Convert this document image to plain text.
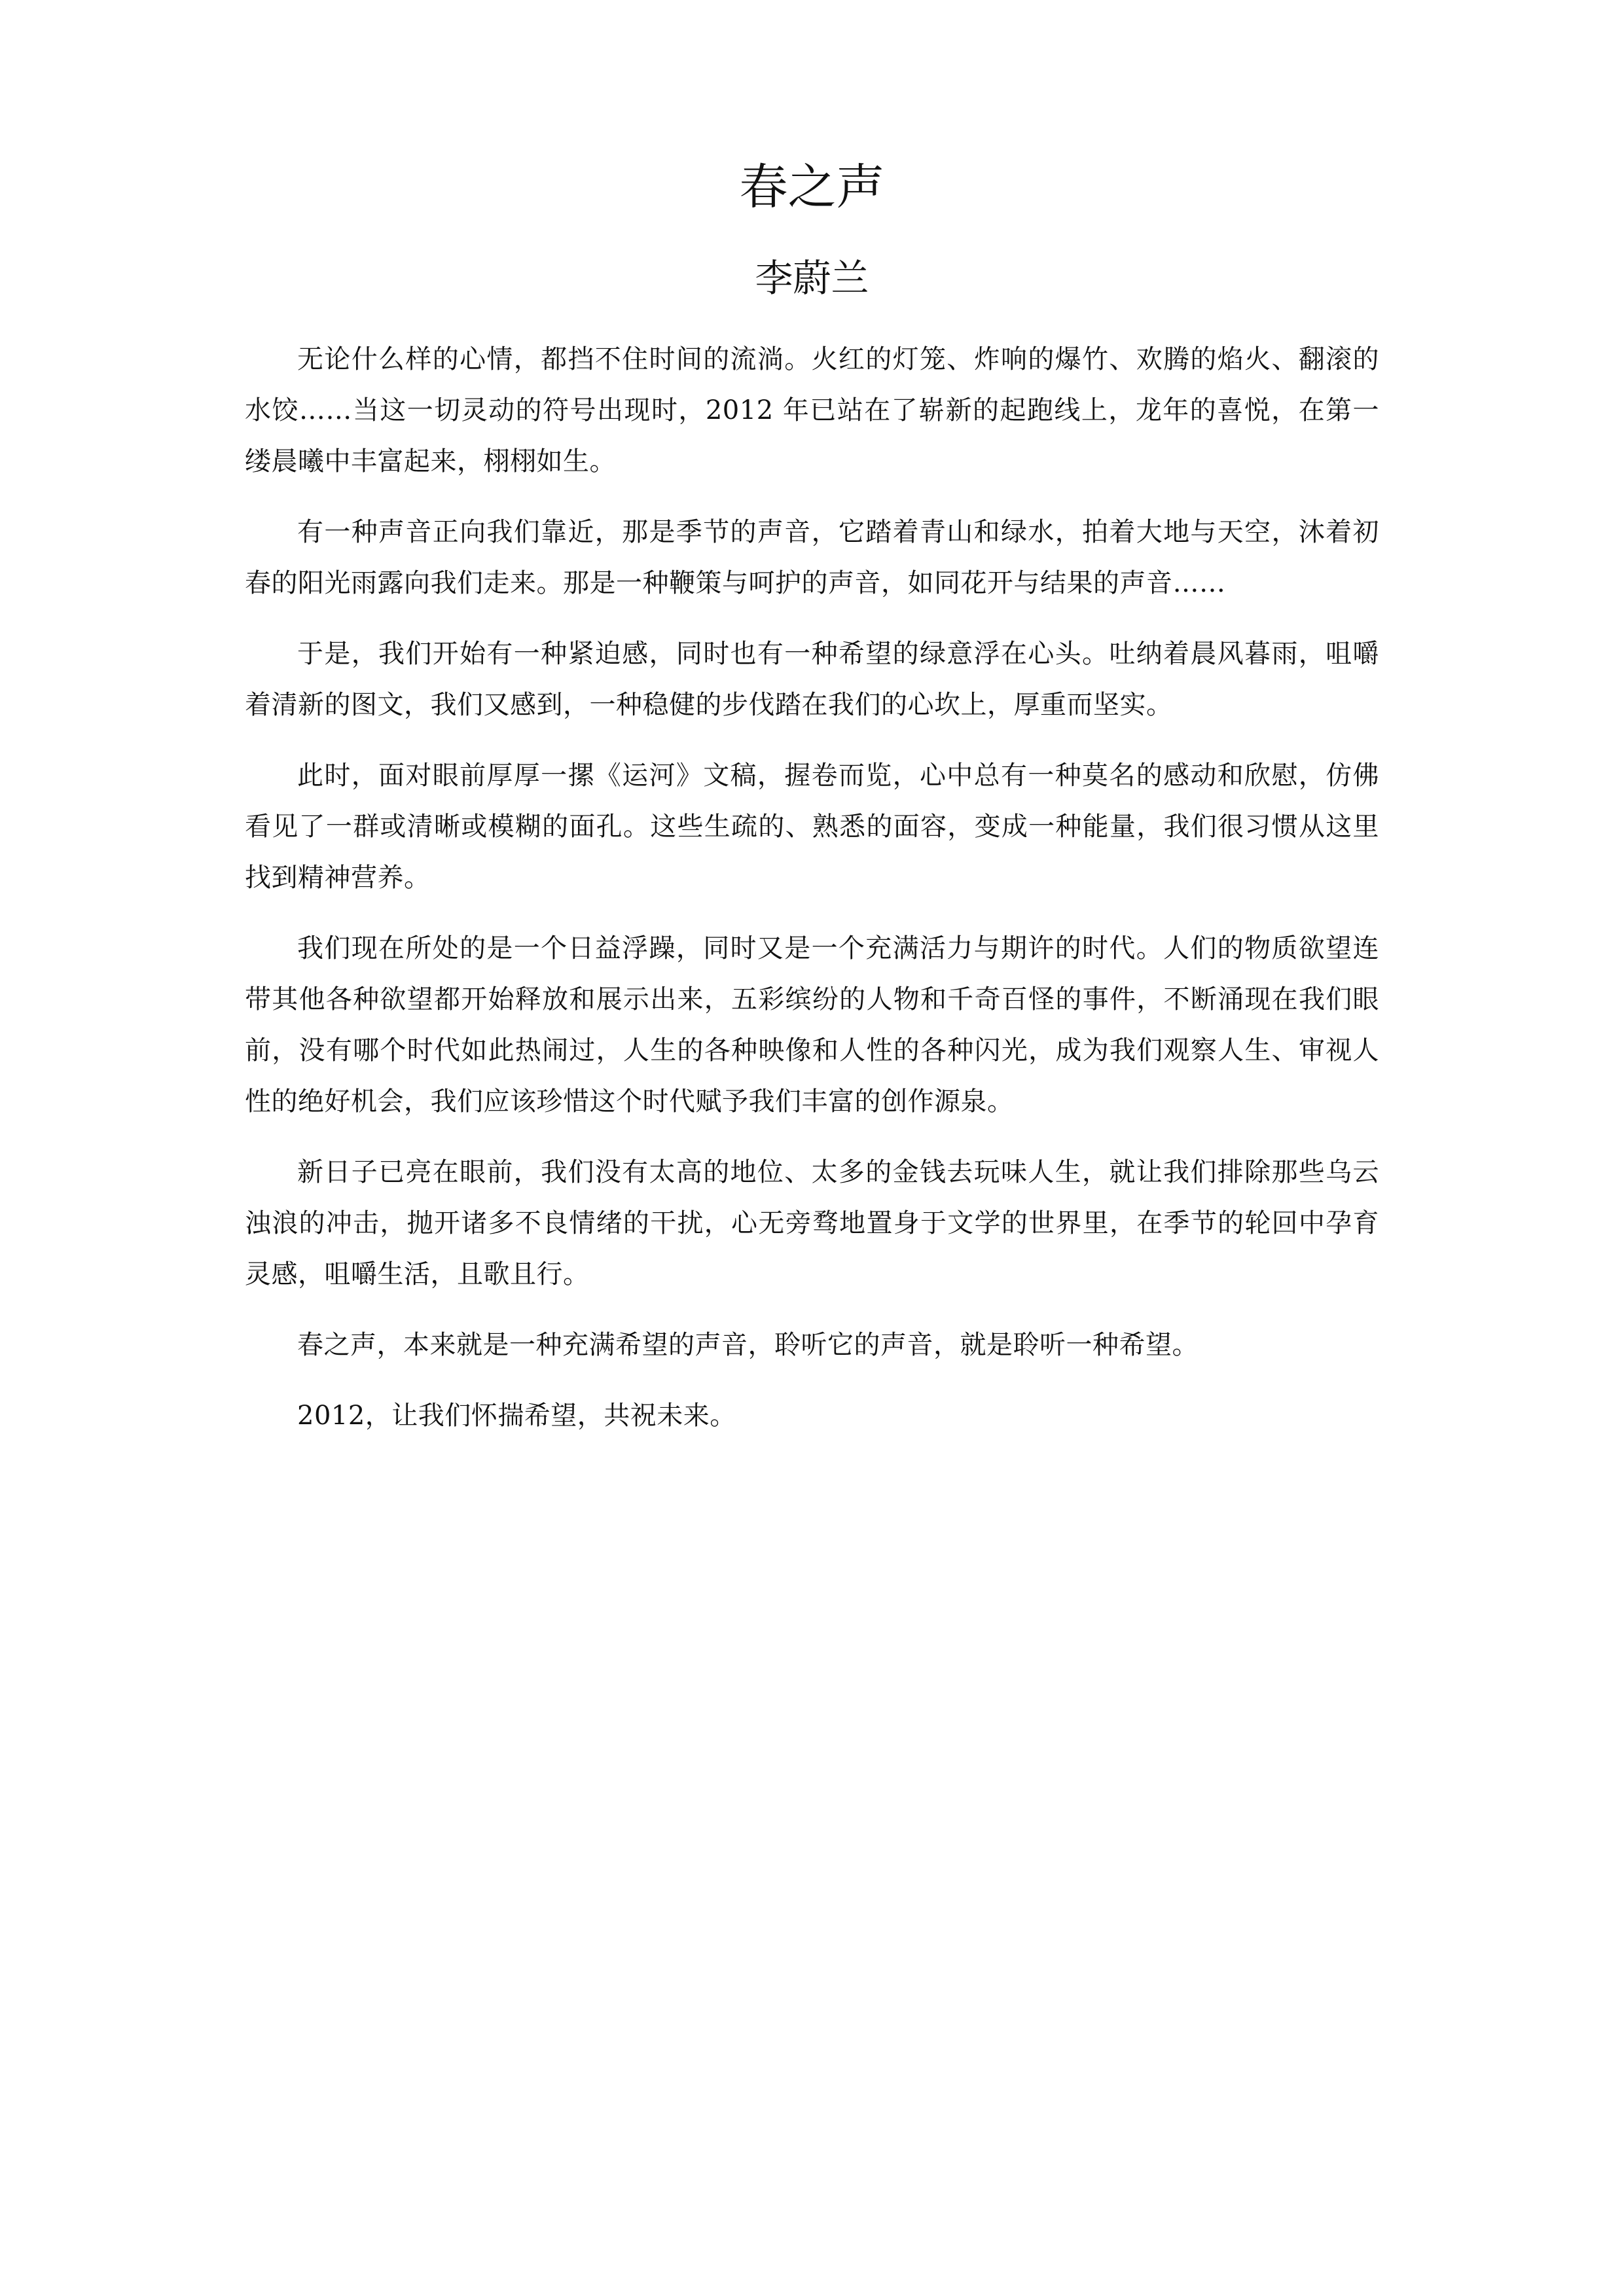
春之声
李蔚兰

无论什么样的心情，都挡不住时间的流淌。火红的灯笼、炸响的爆竹、欢腾的焰火、翻滚的水饺……当这一切灵动的符号出现时，2012 年已站在了崭新的起跑线上，龙年的喜悦，在第一缕晨曦中丰富起来，栩栩如生。

有一种声音正向我们靠近，那是季节的声音，它踏着青山和绿水，拍着大地与天空，沐着初春的阳光雨露向我们走来。那是一种鞭策与呵护的声音，如同花开与结果的声音……

于是，我们开始有一种紧迫感，同时也有一种希望的绿意浮在心头。吐纳着晨风暮雨，咀嚼着清新的图文，我们又感到，一种稳健的步伐踏在我们的心坎上，厚重而坚实。

此时，面对眼前厚厚一摞《运河》文稿，握卷而览，心中总有一种莫名的感动和欣慰，仿佛看见了一群或清晰或模糊的面孔。这些生疏的、熟悉的面容，变成一种能量，我们很习惯从这里找到精神营养。

我们现在所处的是一个日益浮躁，同时又是一个充满活力与期许的时代。人们的物质欲望连带其他各种欲望都开始释放和展示出来，五彩缤纷的人物和千奇百怪的事件，不断涌现在我们眼前，没有哪个时代如此热闹过，人生的各种映像和人性的各种闪光，成为我们观察人生、审视人性的绝好机会，我们应该珍惜这个时代赋予我们丰富的创作源泉。

新日子已亮在眼前，我们没有太高的地位、太多的金钱去玩味人生，就让我们排除那些乌云浊浪的冲击，抛开诸多不良情绪的干扰，心无旁骛地置身于文学的世界里，在季节的轮回中孕育灵感，咀嚼生活，且歌且行。

春之声，本来就是一种充满希望的声音，聆听它的声音，就是聆听一种希望。

2012，让我们怀揣希望，共祝未来。
